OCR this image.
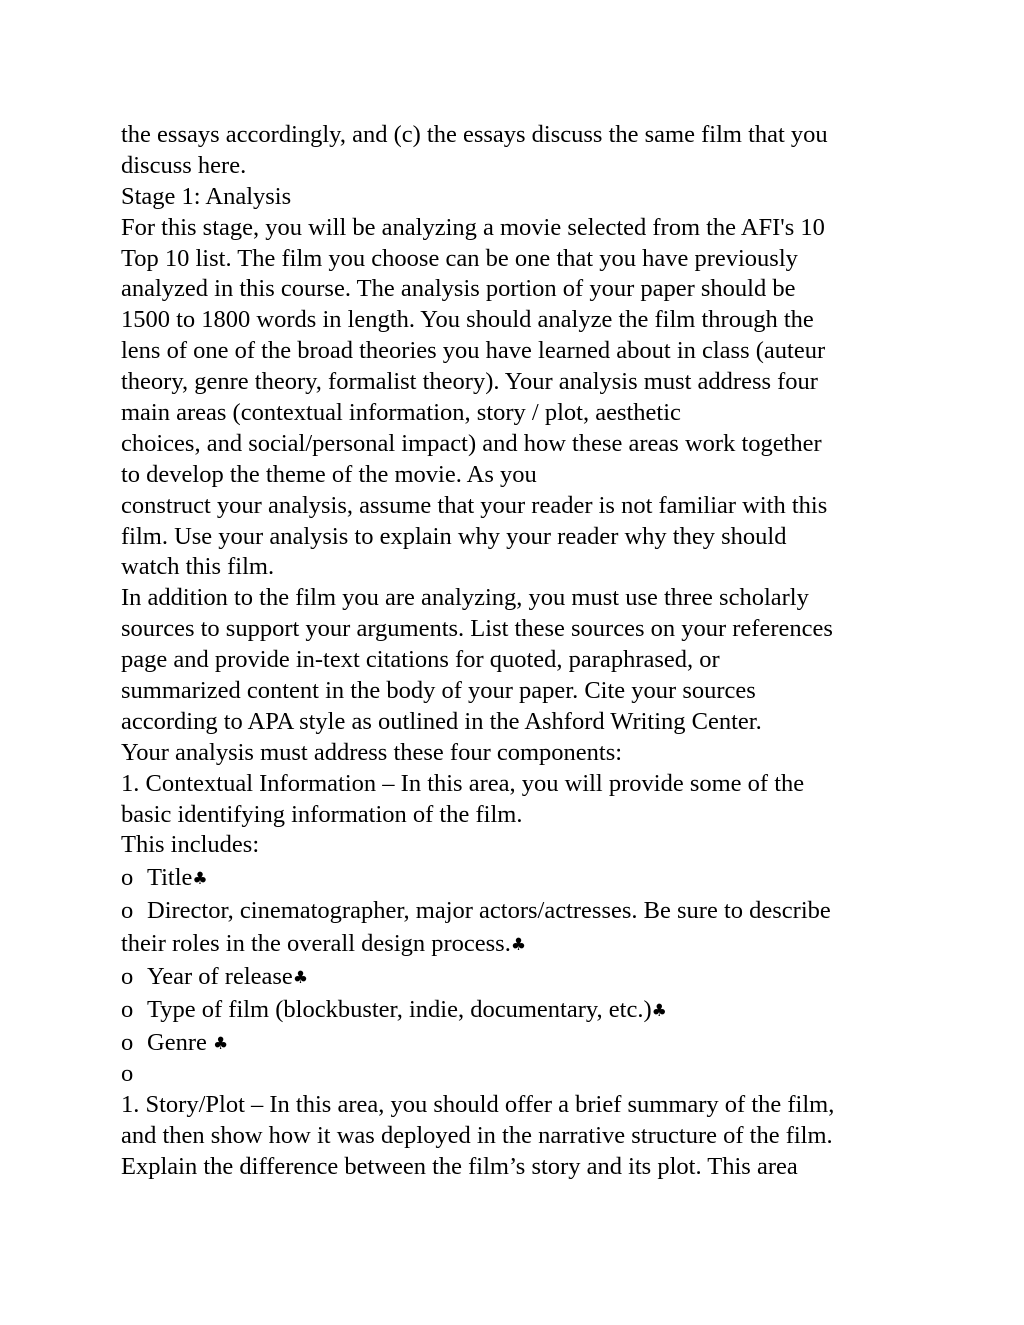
the essays accordingly, and (c) the essays discuss the same film that you
discuss here.
Stage 1: Analysis
For this stage, you will be analyzing a movie selected from the AFI's 10
Top 10 list. The film you choose can be one that you have previously
analyzed in this course. The analysis portion of your paper should be
1500 to 1800 words in length. You should analyze the film through the
lens of one of the broad theories you have learned about in class (auteur
theory, genre theory, formalist theory). Your analysis must address four
main areas (contextual information, story / plot, aesthetic
choices, and social/personal impact) and how these areas work together
to develop the theme of the movie. As you
construct your analysis, assume that your reader is not familiar with this
film. Use your analysis to explain why your reader why they should
watch this film.
In addition to the film you are analyzing, you must use three scholarly
sources to support your arguments. List these sources on your references
page and provide in-text citations for quoted, paraphrased, or
summarized content in the body of your paper. Cite your sources
according to APA style as outlined in the Ashford Writing Center.
Your analysis must address these four components:
1. Contextual Information – In this area, you will provide some of the
basic identifying information of the film.
This includes:
o Title♣
o Director, cinematographer, major actors/actresses. Be sure to describe
their roles in the overall design process.♣
o Year of release♣
o Type of film (blockbuster, indie, documentary, etc.)♣
o Genre ♣
o
1. Story/Plot – In this area, you should offer a brief summary of the film,
and then show how it was deployed in the narrative structure of the film.
Explain the difference between the film’s story and its plot. This area
